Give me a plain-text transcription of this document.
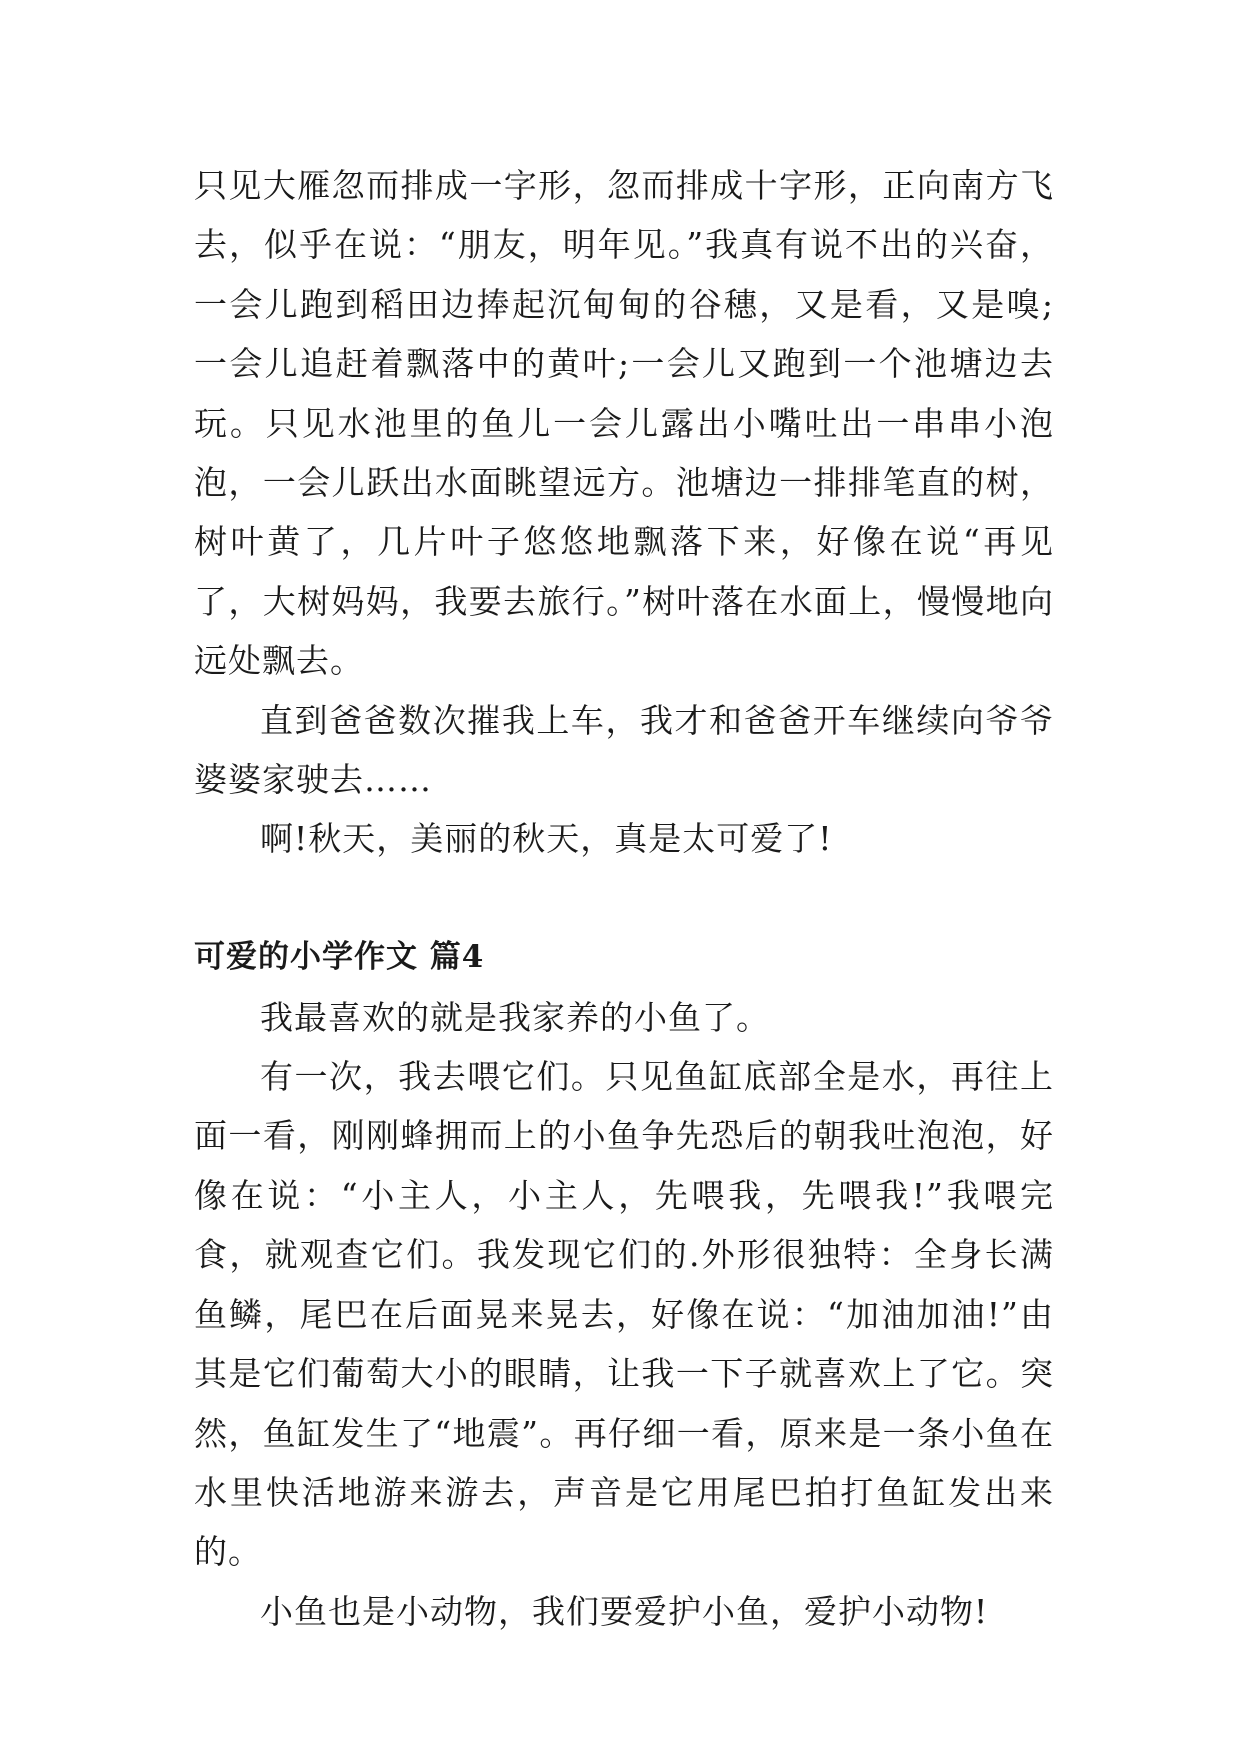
只见大雁忽而排成一字形，忽而排成十字形，正向南方飞去，似乎在说：“朋友，明年见。”我真有说不出的兴奋，一会儿跑到稻田边捧起沉甸甸的谷穗，又是看，又是嗅;一会儿追赶着飘落中的黄叶;一会儿又跑到一个池塘边去玩。只见水池里的鱼儿一会儿露出小嘴吐出一串串小泡泡，一会儿跃出水面眺望远方。池塘边一排排笔直的树，树叶黄了，几片叶子悠悠地飘落下来，好像在说“再见了，大树妈妈，我要去旅行。”树叶落在水面上，慢慢地向远处飘去。

直到爸爸数次摧我上车，我才和爸爸开车继续向爷爷婆婆家驶去……

啊!秋天，美丽的秋天，真是太可爱了!

可爱的小学作文 篇4

我最喜欢的就是我家养的小鱼了。

有一次，我去喂它们。只见鱼缸底部全是水，再往上面一看，刚刚蜂拥而上的小鱼争先恐后的朝我吐泡泡，好像在说：“小主人，小主人，先喂我，先喂我!”我喂完食，就观查它们。我发现它们的.外形很独特：全身长满鱼鳞，尾巴在后面晃来晃去，好像在说：“加油加油!”由其是它们葡萄大小的眼睛，让我一下子就喜欢上了它。突然，鱼缸发生了“地震”。再仔细一看，原来是一条小鱼在水里快活地游来游去，声音是它用尾巴拍打鱼缸发出来的。

小鱼也是小动物，我们要爱护小鱼，爱护小动物!
